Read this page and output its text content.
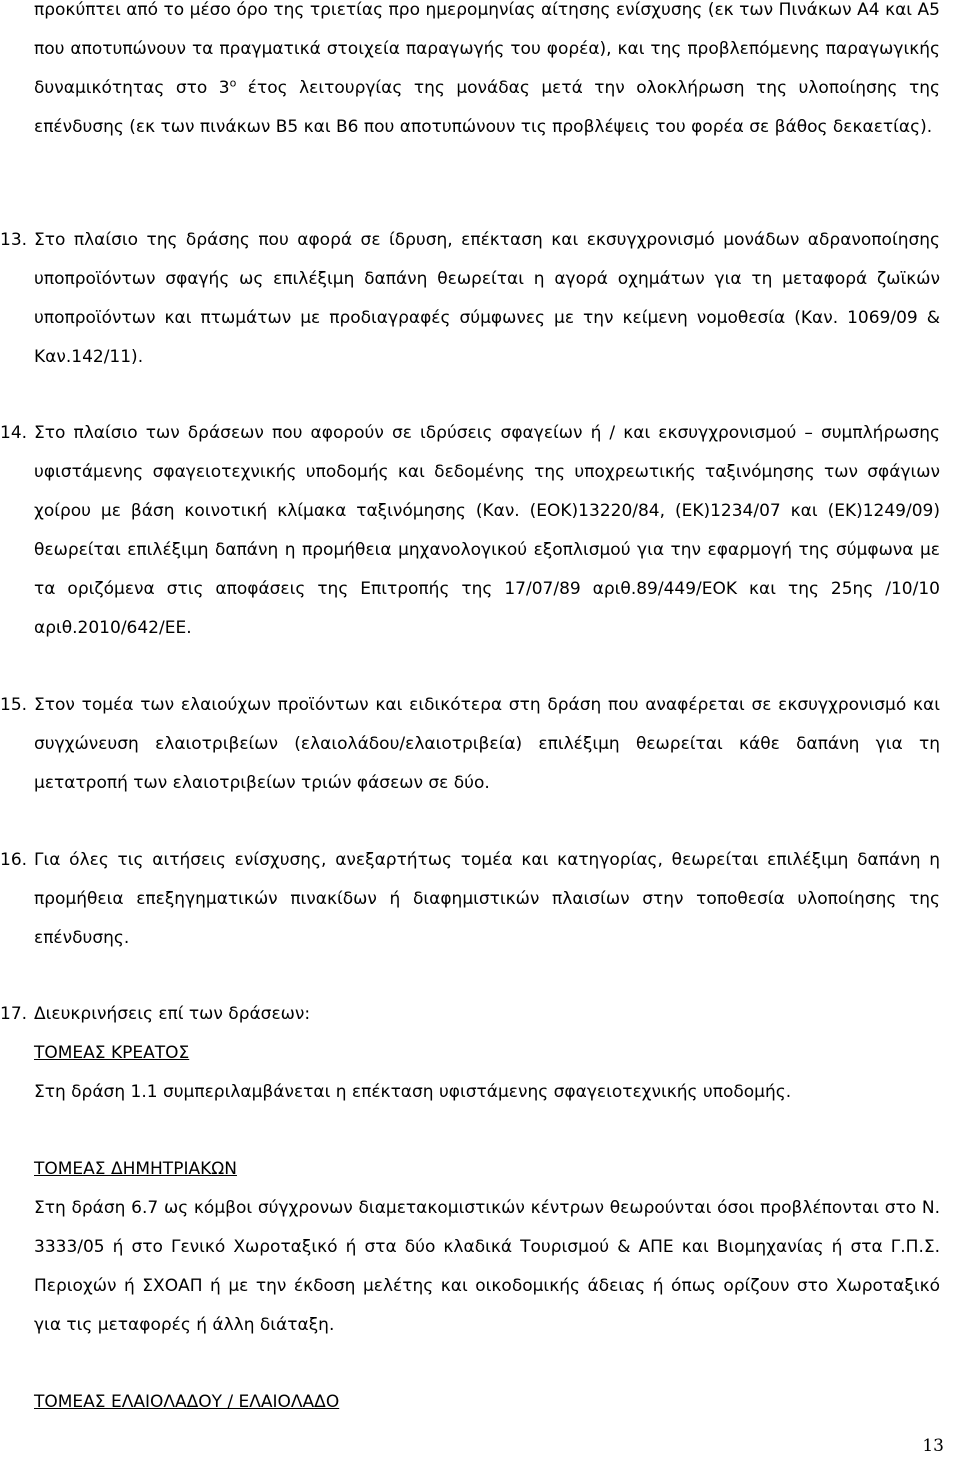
προκύπτει από το μέσο όρο της τριετίας προ ημερομηνίας αίτησης ενίσχυσης (εκ των Πινάκων Α4 και Α5 που αποτυπώνουν τα πραγματικά στοιχεία παραγωγής του φορέα), και της προβλεπόμενης παραγωγικής δυναμικότητας στο $3^o$ έτος λειτουργίας της μονάδας μετά την ολοκλήρωση της υλοποίησης της επένδυσης (εκ των πινάκων Β5 και Β6 που αποτυπώνουν τις προβλέψεις του φορέα σε βάθος δεκαετίας).

13. Στο πλαίσιο της δράσης που αφορά σε ίδρυση, επέκταση και εκσυγχρονισμό μονάδων αδρανοποίησης υποπροϊόντων σφαγής ως επιλέξιμη δαπάνη θεωρείται η αγορά οχημάτων για τη μεταφορά ζωϊκών υποπροϊόντων και πτωμάτων με προδιαγραφές σύμφωνες με την κείμενη νομοθεσία (Καν. 1069/09 & Καν.142/11).
14. Στο πλαίσιο των δράσεων που αφορούν σε ιδρύσεις σφαγείων ή / και εκσυγχρονισμού – συμπλήρωσης υφιστάμενης σφαγειοτεχνικής υποδομής και δεδομένης της υποχρεωτικής ταξινόμησης των σφάγιων χοίρου με βάση κοινοτική κλίμακα ταξινόμησης (Καν. (ΕΟΚ)13220/84, (ΕΚ)1234/07 και (ΕΚ)1249/09) θεωρείται επιλέξιμη δαπάνη η προμήθεια μηχανολογικού εξοπλισμού για την εφαρμογή της σύμφωνα με τα οριζόμενα στις αποφάσεις της Επιτροπής της 17/07/89 αριθ.89/449/ΕΟΚ και της 25ης /10/10 αριθ.2010/642/ΕΕ.
15. Στον τομέα των ελαιούχων προϊόντων και ειδικότερα στη δράση που αναφέρεται σε εκσυγχρονισμό και συγχώνευση ελαιοτριβείων (ελαιολάδου/ελαιοτριβεία) επιλέξιμη θεωρείται κάθε δαπάνη για τη μετατροπή των ελαιοτριβείων τριών φάσεων σε δύο.
16. Για όλες τις αιτήσεις ενίσχυσης, ανεξαρτήτως τομέα και κατηγορίας, θεωρείται επιλέξιμη δαπάνη η προμήθεια επεξηγηματικών πινακίδων ή διαφημιστικών πλαισίων στην τοποθεσία υλοποίησης της επένδυσης.
17. Διευκρινήσεις επί των δράσεων:

ΤΟΜΕΑΣ ΚΡΕΑΤΟΣ

Στη δράση 1.1 συμπεριλαμβάνεται η επέκταση υφιστάμενης σφαγειοτεχνικής υποδομής.

ΤΟΜΕΑΣ ΔΗΜΗΤΡΙΑΚΩΝ

Στη δράση 6.7 ως κόμβοι σύγχρονων διαμετακομιστικών κέντρων θεωρούνται όσοι προβλέπονται στο Ν. 3333/05 ή στο Γενικό Χωροταξικό ή στα δύο κλαδικά Τουρισμού & ΑΠΕ και Βιομηχανίας ή στα Γ.Π.Σ. Περιοχών ή ΣΧΟΑΠ ή με την έκδοση μελέτης και οικοδομικής άδειας ή όπως ορίζουν στο Χωροταξικό για τις μεταφορές ή άλλη διάταξη.

ΤΟΜΕΑΣ ΕΛΑΙΟΛΑΔΟΥ / ΕΛΑΙΟΛΑΔΟ

13
